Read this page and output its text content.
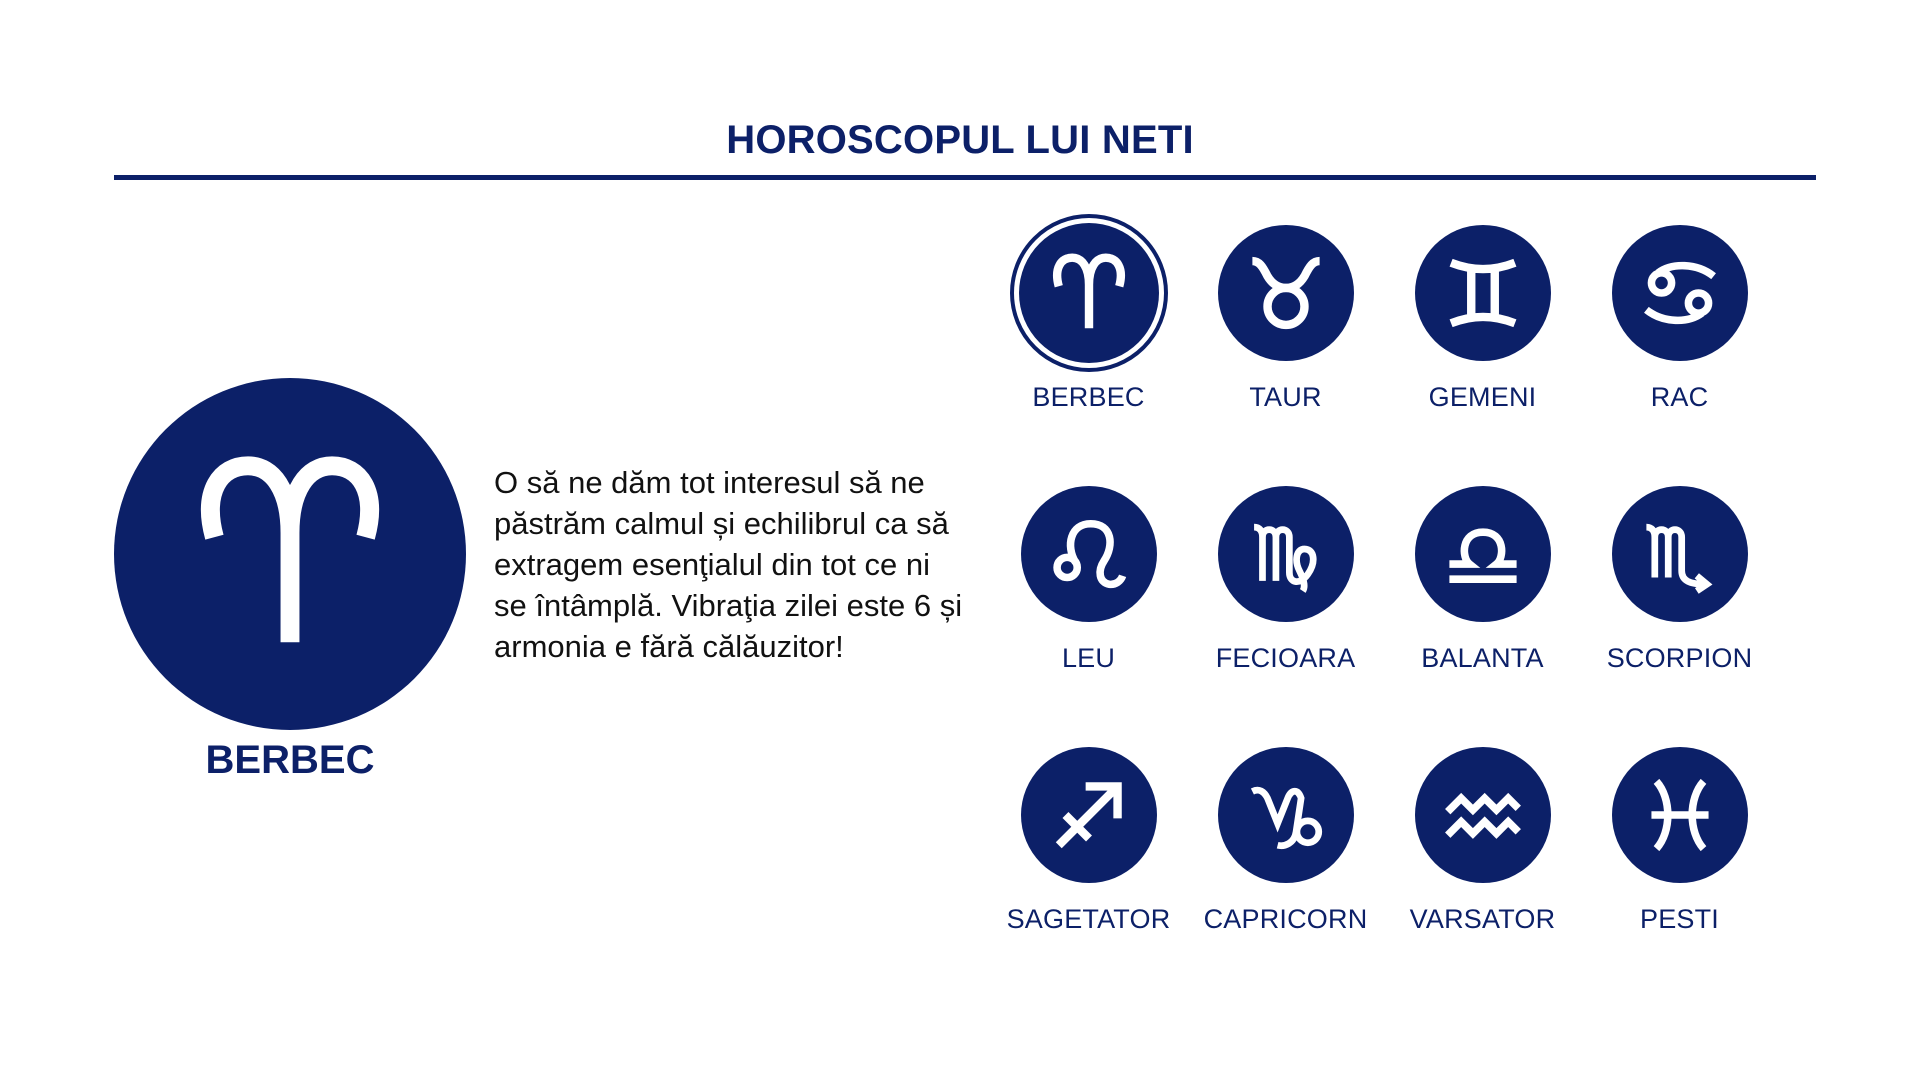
HOROSCOPUL LUI NETI
BERBEC
O să ne dăm tot interesul să ne păstrăm calmul și echilibrul ca să extragem esenţialul din tot ce ni se întâmplă. Vibraţia zilei este 6 și armonia e fără călăuzitor!
BERBEC	TAUR	GEMENI	RAC
LEU	FECIOARA BALANTA SCORPION
SAGETATOR CAPRICORN VARSATOR	PESTI
